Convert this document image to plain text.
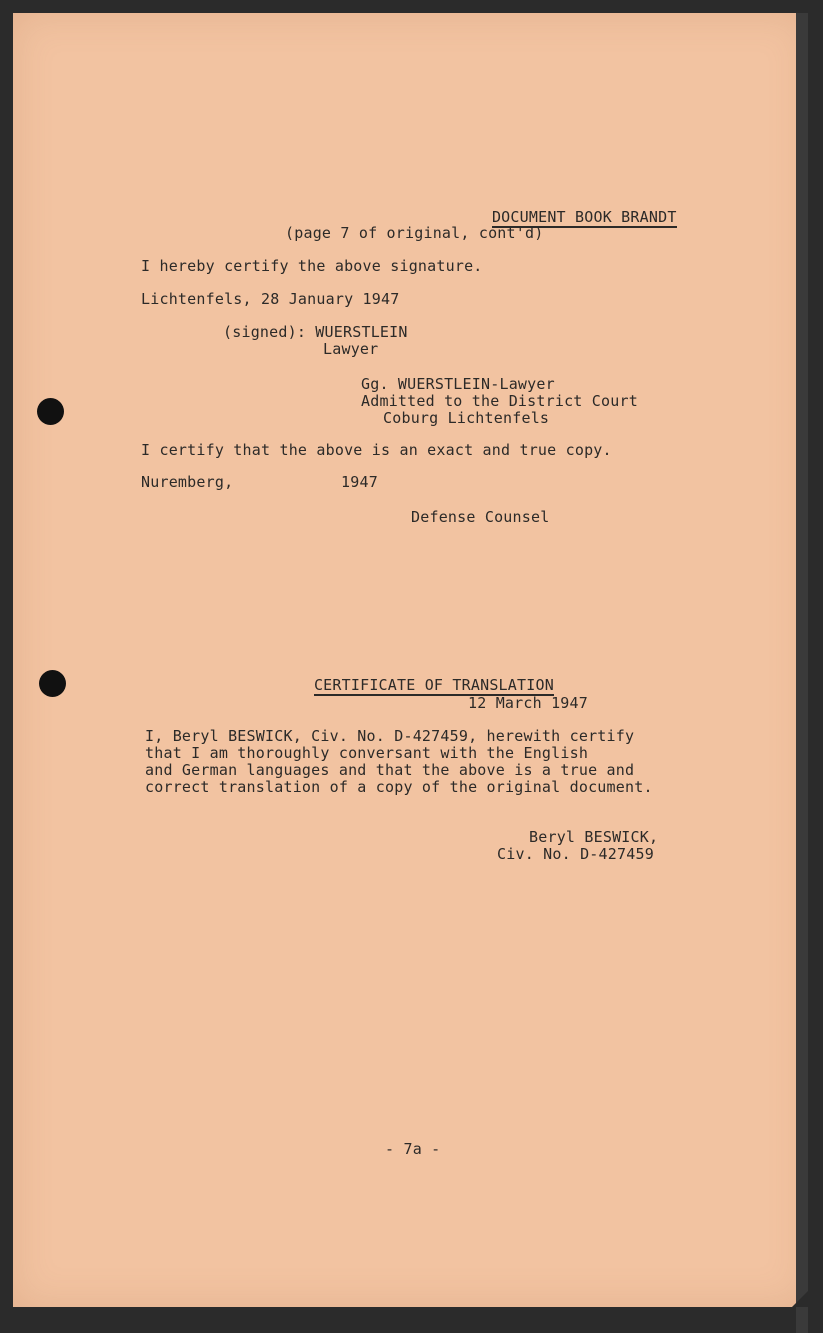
DOCUMENT BOOK BRANDT

(page 7 of original, cont'd)
I hereby certify the above signature.
Lichtenfels, 28 January 1947
(signed): WUERSTLEIN
Lawyer
Gg. WUERSTLEIN-Lawyer
Admitted to the District Court
Coburg Lichtenfels
I certify that the above is an exact and true copy.
Nuremberg,	1947
Defense Counsel

CERTIFICATE OF TRANSLATION

12 March 1947
I, Beryl BESWICK, Civ. No. D-427459, herewith certify
that I am thoroughly conversant with the English
and German languages and that the above is a true and
correct translation of a copy of the original document.
Beryl BESWICK,
Civ. No. D-427459
- 7a -
